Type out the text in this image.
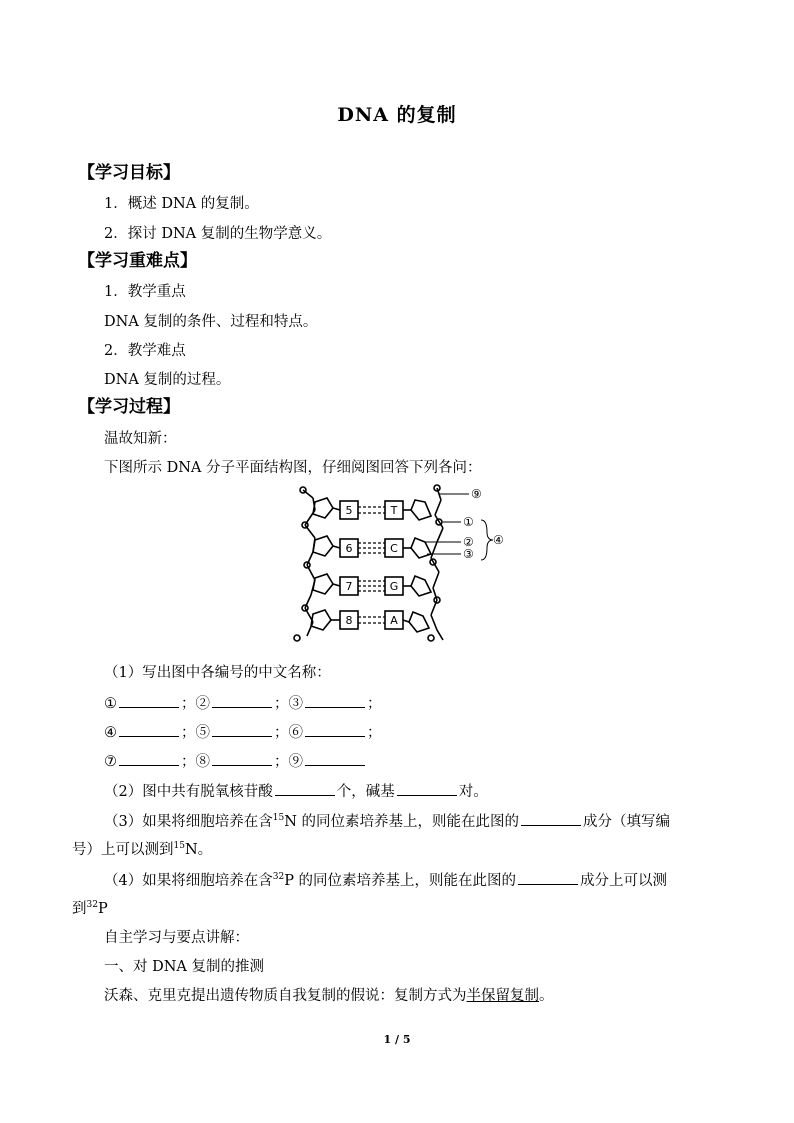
DNA 的复制
【学习目标】
1．概述 DNA 的复制。
2．探讨 DNA 复制的生物学意义。
【学习重难点】
1．教学重点
DNA 复制的条件、过程和特点。
2．教学难点
DNA 复制的过程。
【学习过程】
温故知新：
下图所示 DNA 分子平面结构图，仔细阅图回答下列各问：
5	T
6	C
7	G
8	A
⑨
①
②
③
④
（1）写出图中各编号的中文名称：
①	；②	；③	；
④	；⑤	；⑥	；
⑦	；⑧	；⑨
（2）图中共有脱氧核苷酸	个，碱基	对。
（3）如果将细胞培养在含$^{15}$N 的同位素培养基上，则能在此图的	成分（填写编
号）上可以测到$^{15}$N。
（4）如果将细胞培养在含$^{32}$P 的同位素培养基上，则能在此图的	成分上可以测
到$^{32}$P
自主学习与要点讲解：
一、对 DNA 复制的推测
沃森、克里克提出遗传物质自我复制的假说：复制方式为半保留复制。
1 / 5
